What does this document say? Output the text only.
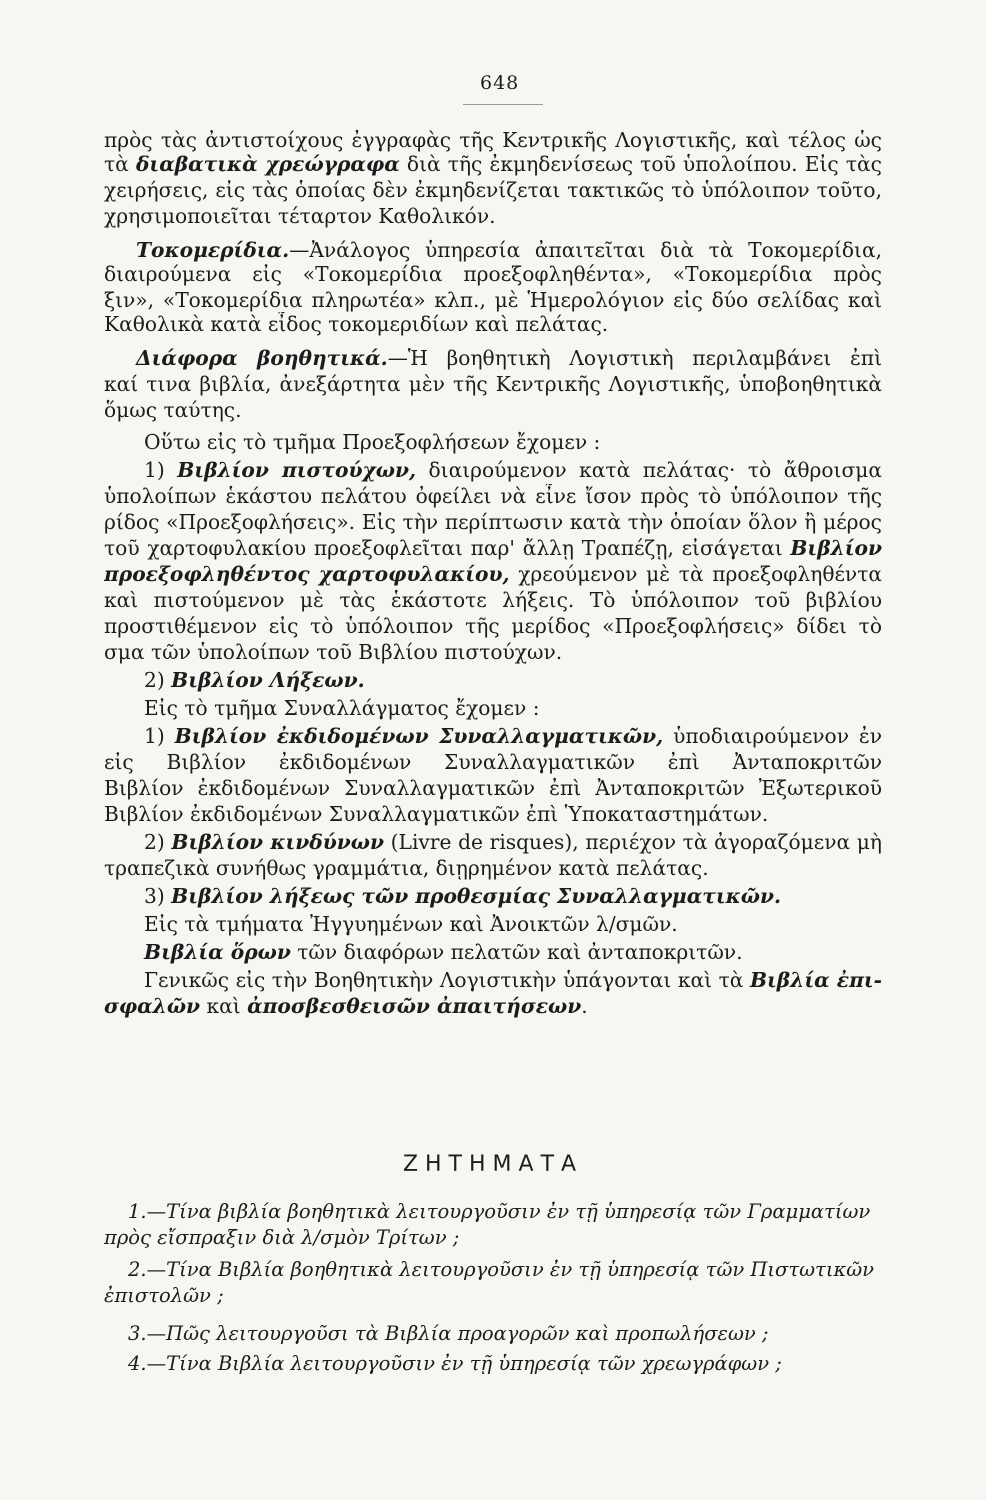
648
πρὸς τὰς ἀντιστοίχους ἐγγραφὰς τῆς Κεντρικῆς Λογιστικῆς, καὶ τέλος ὡς
τὰ διαβατικὰ χρεώγραφα διὰ τῆς ἐκμηδενίσεως τοῦ ὑπολοίπου. Εἰς τὰς
χειρήσεις, εἰς τὰς ὁποίας δὲν ἐκμηδενίζεται τακτικῶς τὸ ὑπόλοιπον τοῦτο,
χρησιμοποιεῖται τέταρτον Καθολικόν.
Τοκομερίδια.—Ἀνάλογος ὑπηρεσία ἀπαιτεῖται διὰ τὰ Τοκομερίδια,
διαιρούμενα εἰς «Τοκομερίδια προεξοφληθέντα», «Τοκομερίδια πρὸς
ξιν», «Τοκομερίδια πληρωτέα» κλπ., μὲ Ἡμερολόγιον εἰς δύο σελίδας καὶ
Καθολικὰ κατὰ εἶδος τοκομεριδίων καὶ πελάτας.
Διάφορα βοηθητικά.—Ἡ βοηθητικὴ Λογιστικὴ περιλαμβάνει ἐπὶ
καί τινα βιβλία, ἀνεξάρτητα μὲν τῆς Κεντρικῆς Λογιστικῆς, ὑποβοηθητικὰ
ὅμως ταύτης.
Οὕτω εἰς τὸ τμῆμα Προεξοφλήσεων ἔχομεν :
1) Βιβλίον πιστούχων, διαιρούμενον κατὰ πελάτας· τὸ ἄθροισμα
ὑπολοίπων ἑκάστου πελάτου ὀφείλει νὰ εἶνε ἴσον πρὸς τὸ ὑπόλοιπον τῆς
ρίδος «Προεξοφλήσεις». Εἰς τὴν περίπτωσιν κατὰ τὴν ὁποίαν ὅλον ἢ μέρος
τοῦ χαρτοφυλακίου προεξοφλεῖται παρ' ἄλλῃ Τραπέζῃ, εἰσάγεται Βιβλίον
προεξοφληθέντος χαρτοφυλακίου, χρεούμενον μὲ τὰ προεξοφληθέντα
καὶ πιστούμενον μὲ τὰς ἑκάστοτε λήξεις. Τὸ ὑπόλοιπον τοῦ βιβλίου
προστιθέμενον εἰς τὸ ὑπόλοιπον τῆς μερίδος «Προεξοφλήσεις» δίδει τὸ
σμα τῶν ὑπολοίπων τοῦ Βιβλίου πιστούχων.
2) Βιβλίον Λήξεων.
Εἰς τὸ τμῆμα Συναλλάγματος ἔχομεν :
1) Βιβλίον ἐκδιδομένων Συναλλαγματικῶν, ὑποδιαιρούμενον ἐν
εἰς Βιβλίον ἐκδιδομένων Συναλλαγματικῶν ἐπὶ Ἀνταποκριτῶν
Βιβλίον ἐκδιδομένων Συναλλαγματικῶν ἐπὶ Ἀνταποκριτῶν Ἐξωτερικοῦ
Βιβλίον ἐκδιδομένων Συναλλαγματικῶν ἐπὶ Ὑποκαταστημάτων.
2) Βιβλίον κινδύνων (Livre de risques), περιέχον τὰ ἀγοραζόμενα μὴ
τραπεζικὰ συνήθως γραμμάτια, διῃρημένον κατὰ πελάτας.
3) Βιβλίον λήξεως τῶν προθεσμίας Συναλλαγματικῶν.
Εἰς τὰ τμήματα Ἠγγυημένων καὶ Ἀνοικτῶν λ/σμῶν.
Βιβλία ὅρων τῶν διαφόρων πελατῶν καὶ ἀνταποκριτῶν.
Γενικῶς εἰς τὴν Βοηθητικὴν Λογιστικὴν ὑπάγονται καὶ τὰ Βιβλία ἐπι-
σφαλῶν καὶ ἀποσβεσθεισῶν ἀπαιτήσεων.
ΖΗΤΗΜΑΤΑ
1.—Τίνα βιβλία βοηθητικὰ λειτουργοῦσιν ἐν τῇ ὑπηρεσίᾳ τῶν Γραμματίων
πρὸς εἴσπραξιν διὰ λ/σμὸν Τρίτων ;
2.—Τίνα Βιβλία βοηθητικὰ λειτουργοῦσιν ἐν τῇ ὑπηρεσίᾳ τῶν Πιστωτικῶν
ἐπιστολῶν ;
3.—Πῶς λειτουργοῦσι τὰ Βιβλία προαγορῶν καὶ προπωλήσεων ;
4.—Τίνα Βιβλία λειτουργοῦσιν ἐν τῇ ὑπηρεσίᾳ τῶν χρεωγράφων ;
